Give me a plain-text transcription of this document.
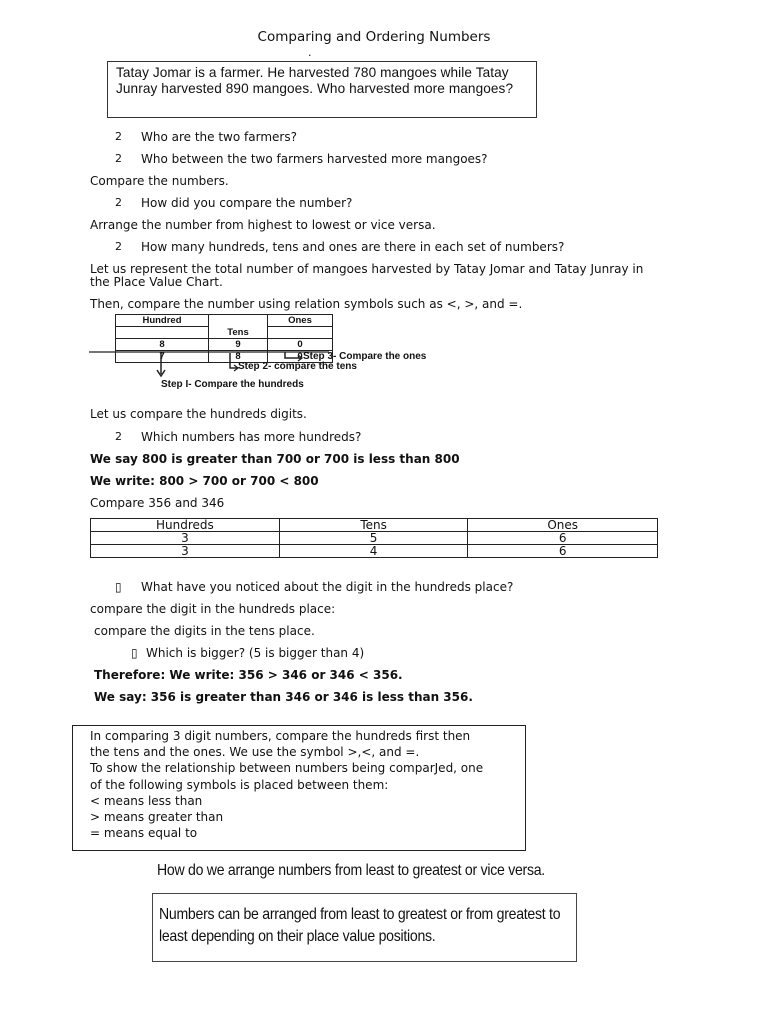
Comparing and Ordering Numbers
.
Tatay Jomar is a farmer. He harvested 780 mangoes while Tatay Junray harvested 890 mangoes. Who harvested more mangoes?
2 Who are the two farmers?
2 Who between the two farmers harvested more mangoes?
Compare the numbers.
2 How did you compare the number?
Arrange the number from highest to lowest or vice versa.
2 How many hundreds, tens and ones are there in each set of numbers?
Let us represent the total number of mangoes harvested by Tatay Jomar and Tatay Junray in
the Place Value Chart.
Then, compare the number using relation symbols such as <, >, and =.
Hundred		Ones
	Tens	
8	9	0
7	8	0 Step 3- Compare the ones
Step 2- compare the tens
Step I- Compare the hundreds
Let us compare the hundreds digits.
2 Which numbers has more hundreds?
We say 800 is greater than 700 or 700 is less than 800
We write: 800 > 700 or 700 < 800
Compare 356 and 346
Hundreds	Tens	Ones
3	5	6
3	4	6
▯ What have you noticed about the digit in the hundreds place?
compare the digit in the hundreds place:
compare the digits in the tens place.
▯ Which is bigger? (5 is bigger than 4)
Therefore: We write: 356 > 346 or 346 < 356.
We say: 356 is greater than 346 or 346 is less than 356.
In comparing 3 digit numbers, compare the hundreds first then
the tens and the ones. We use the symbol >,<, and =.
To show the relationship between numbers being comparJed, one
of the following symbols is placed between them:
< means less than
> means greater than
= means equal to
How do we arrange numbers from least to greatest or vice versa.
Numbers can be arranged from least to greatest or from greatest to
least depending on their place value positions.
